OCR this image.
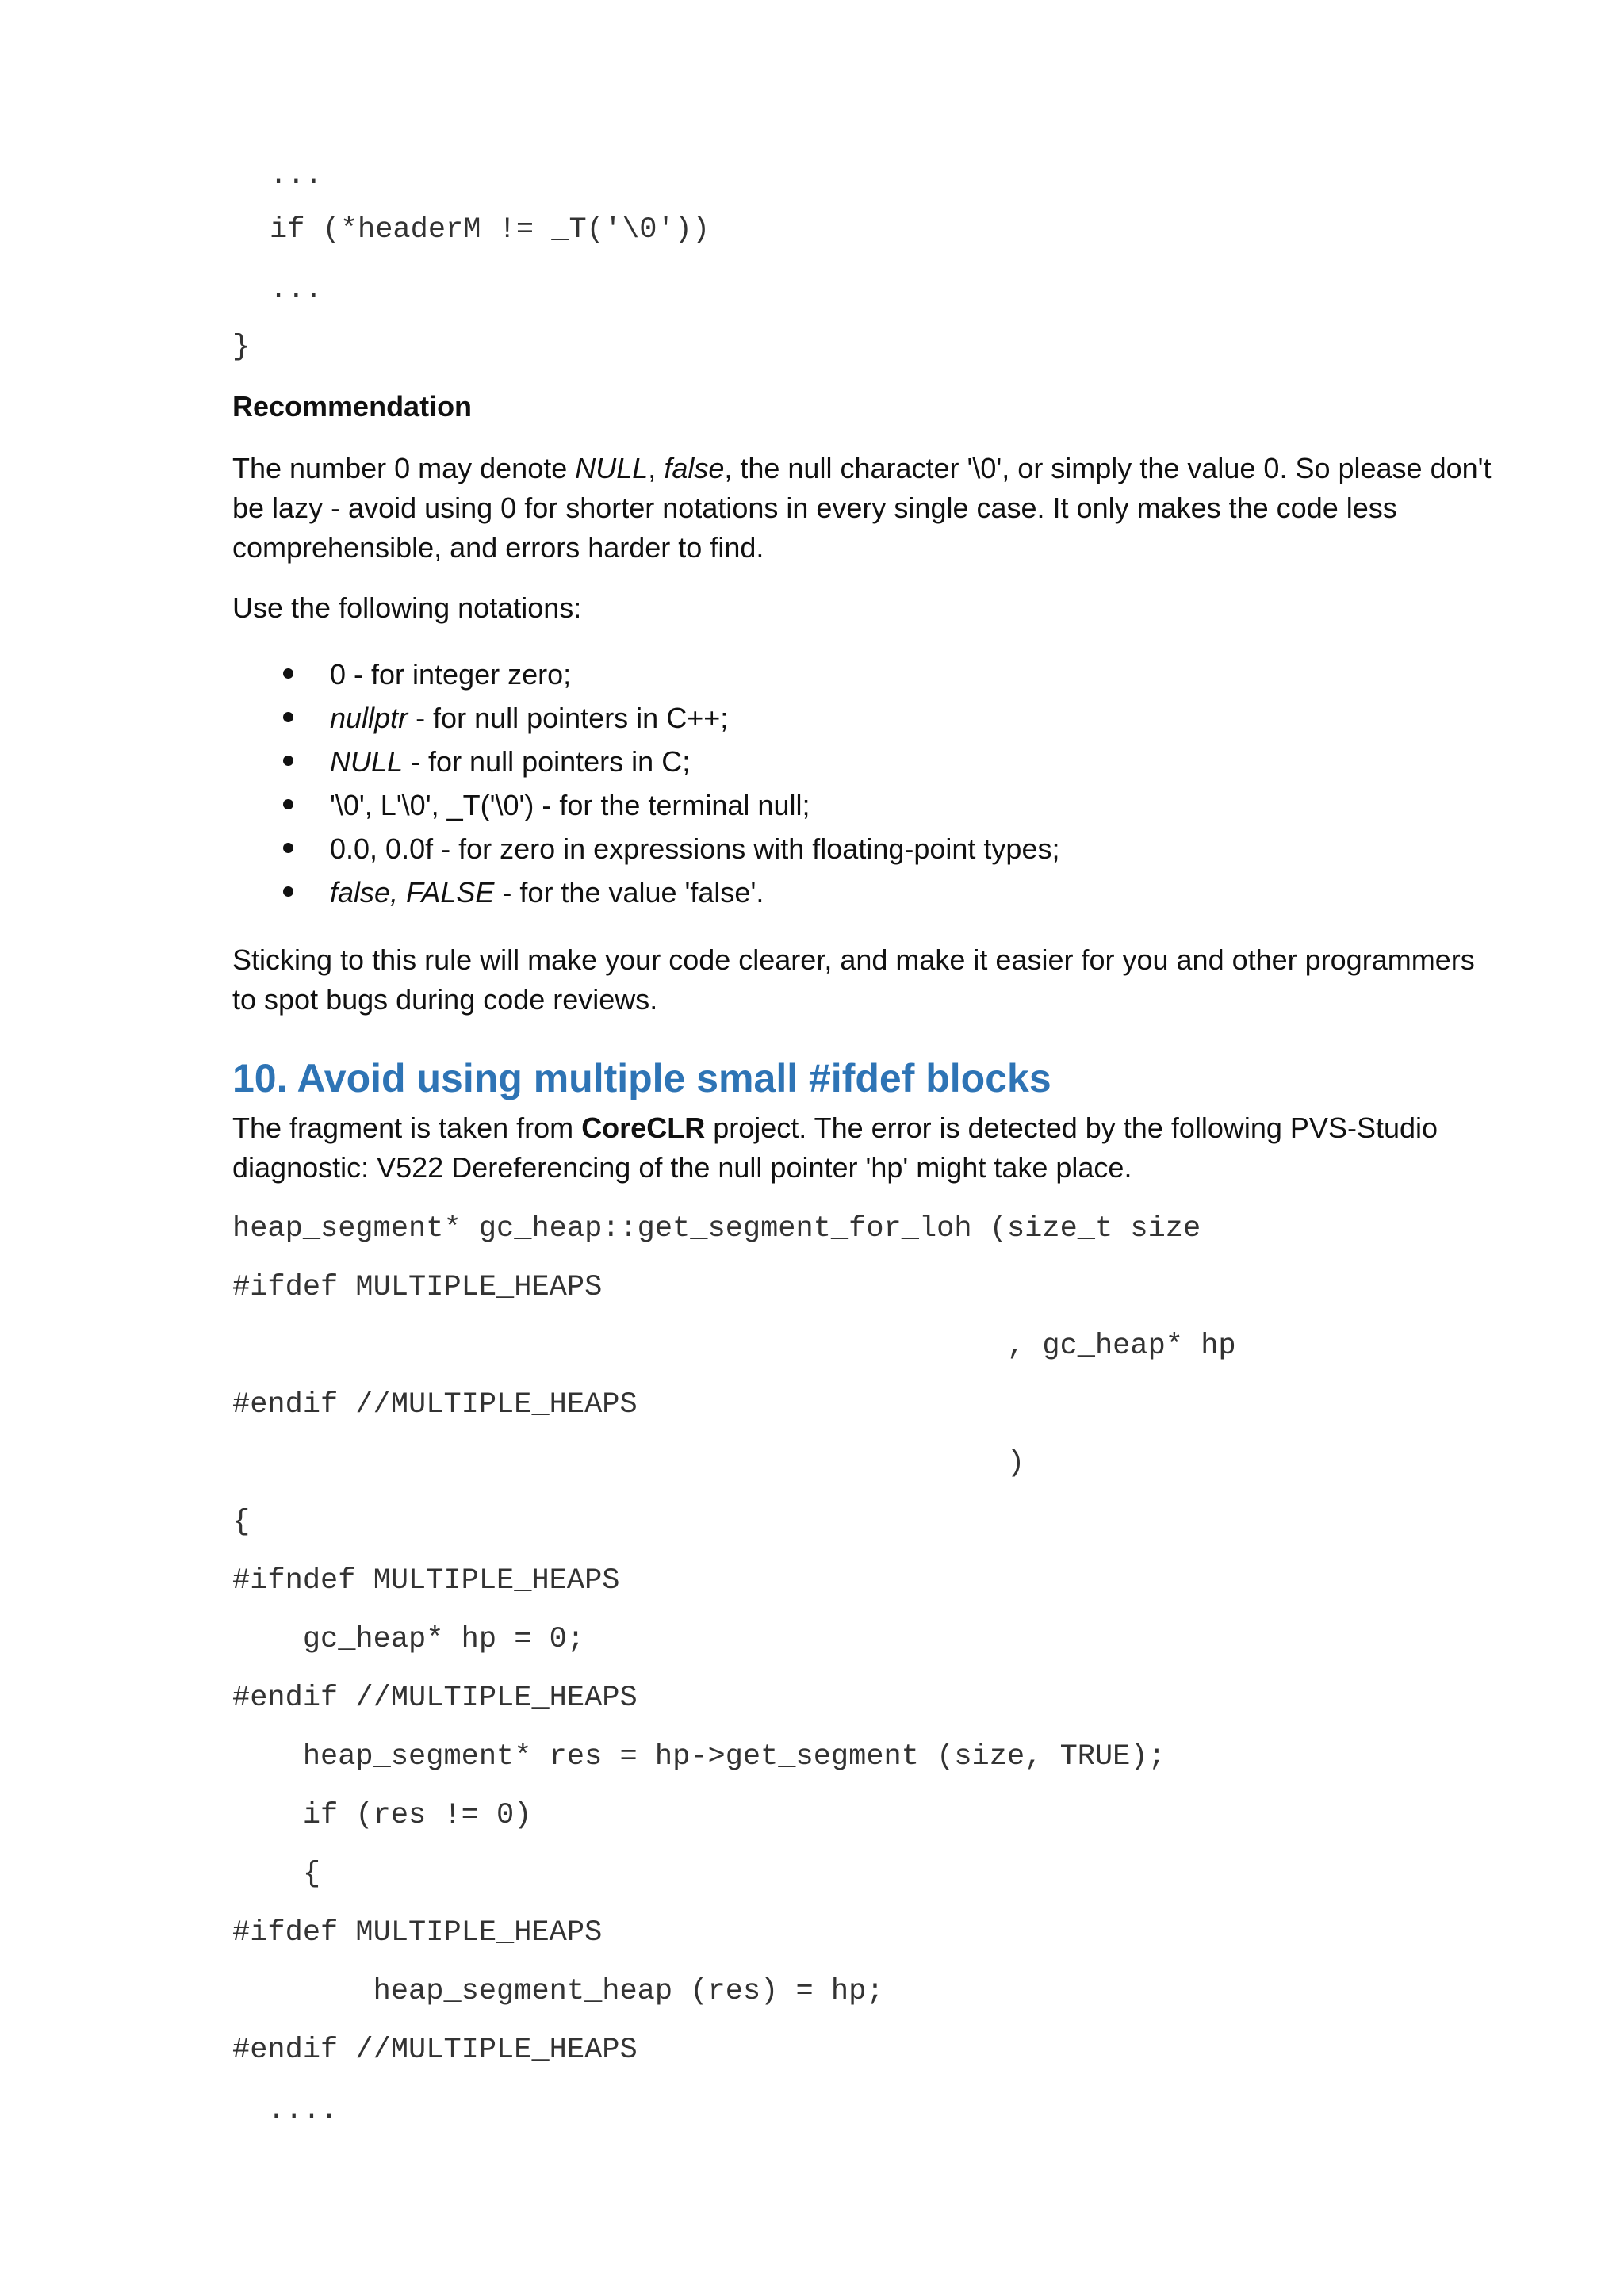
...
if (*headerM != _T('\0'))
...
}

Recommendation

The number 0 may denote NULL, false, the null character '\0', or simply the value 0. So please don't be lazy - avoid using 0 for shorter notations in every single case. It only makes the code less comprehensible, and errors harder to find.

Use the following notations:

0 - for integer zero;
nullptr - for null pointers in C++;
NULL - for null pointers in C;
'\0', L'\0', _T('\0') - for the terminal null;
0.0, 0.0f - for zero in expressions with floating-point types;
false, FALSE - for the value 'false'.

Sticking to this rule will make your code clearer, and make it easier for you and other programmers to spot bugs during code reviews.

10. Avoid using multiple small #ifdef blocks

The fragment is taken from CoreCLR project. The error is detected by the following PVS-Studio diagnostic: V522 Dereferencing of the null pointer 'hp' might take place.

heap_segment* gc_heap::get_segment_for_loh (size_t size
#ifdef MULTIPLE_HEAPS
, gc_heap* hp
#endif //MULTIPLE_HEAPS
)
{
#ifndef MULTIPLE_HEAPS
gc_heap* hp = 0;
#endif //MULTIPLE_HEAPS
heap_segment* res = hp->get_segment (size, TRUE);
if (res != 0)
{
#ifdef MULTIPLE_HEAPS
heap_segment_heap (res) = hp;
#endif //MULTIPLE_HEAPS
....
